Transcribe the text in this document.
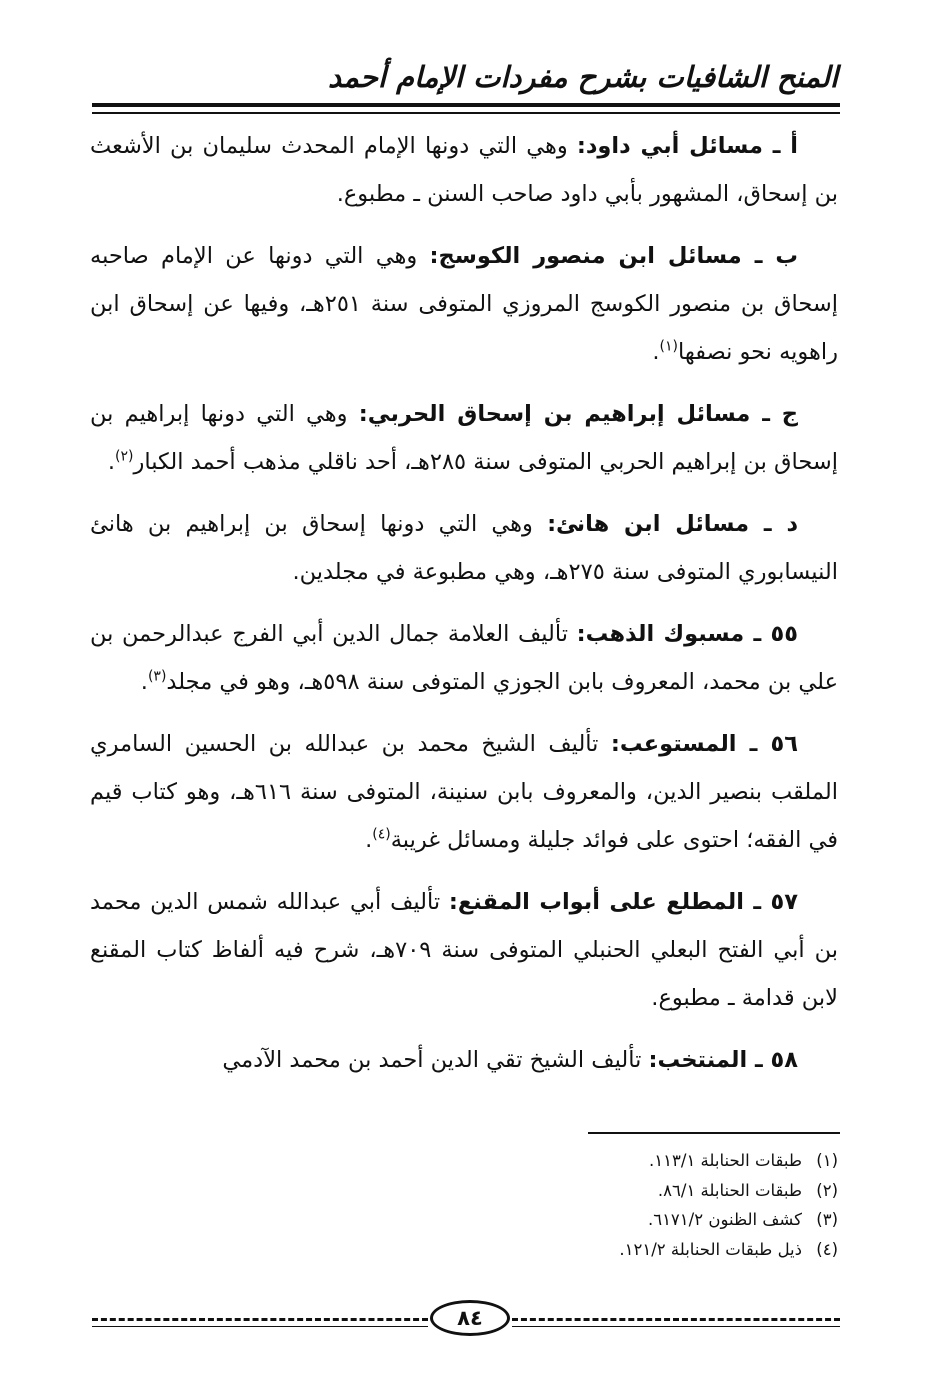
المنح الشافيات بشرح مفردات الإمام أحمد

أ ـ مسائل أبي داود: وهي التي دونها الإمام المحدث سليمان بن الأشعث بن إسحاق، المشهور بأبي داود صاحب السنن ـ مطبوع.

ب ـ مسائل ابن منصور الكوسج: وهي التي دونها عن الإمام صاحبه إسحاق بن منصور الكوسج المروزي المتوفى سنة ٢٥١هـ، وفيها عن إسحاق ابن راهويه نحو نصفها$^{(١)}$.

ج ـ مسائل إبراهيم بن إسحاق الحربي: وهي التي دونها إبراهيم بن إسحاق بن إبراهيم الحربي المتوفى سنة ٢٨٥هـ، أحد ناقلي مذهب أحمد الكبار$^{(٢)}$.

د ـ مسائل ابن هانئ: وهي التي دونها إسحاق بن إبراهيم بن هانئ النيسابوري المتوفى سنة ٢٧٥هـ، وهي مطبوعة في مجلدين.

٥٥ ـ مسبوك الذهب: تأليف العلامة جمال الدين أبي الفرج عبدالرحمن بن علي بن محمد، المعروف بابن الجوزي المتوفى سنة ٥٩٨هـ، وهو في مجلد$^{(٣)}$.

٥٦ ـ المستوعب: تأليف الشيخ محمد بن عبدالله بن الحسين السامري الملقب بنصير الدين، والمعروف بابن سنينة، المتوفى سنة ٦١٦هـ، وهو كتاب قيم في الفقه؛ احتوى على فوائد جليلة ومسائل غريبة$^{(٤)}$.

٥٧ ـ المطلع على أبواب المقنع: تأليف أبي عبدالله شمس الدين محمد بن أبي الفتح البعلي الحنبلي المتوفى سنة ٧٠٩هـ، شرح فيه ألفاظ كتاب المقنع لابن قدامة ـ مطبوع.

٥٨ ـ المنتخب: تأليف الشيخ تقي الدين أحمد بن محمد الآدمي

(١)طبقات الحنابلة ١١٣/١.
(٢)طبقات الحنابلة ٨٦/١.
(٣)كشف الظنون ٦١٧١/٢.
(٤)ذيل طبقات الحنابلة ١٢١/٢.
٨٤
